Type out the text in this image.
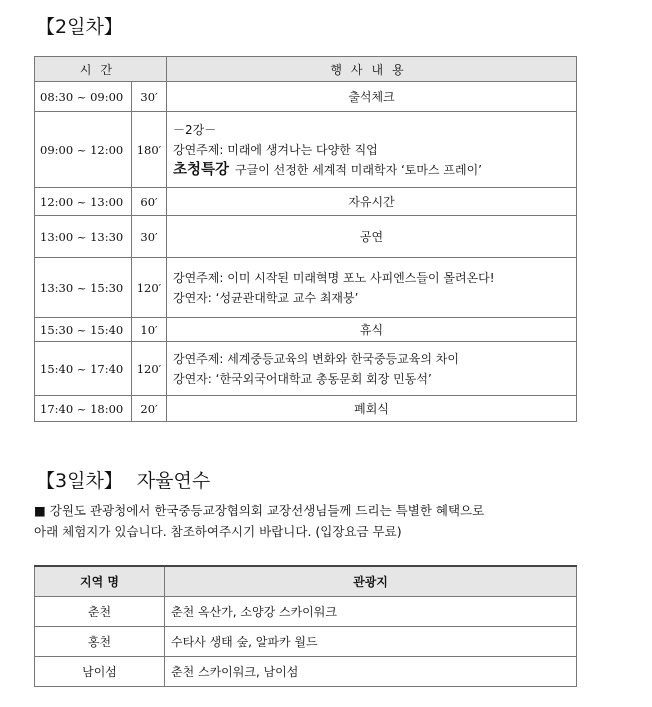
【2일차】
시간		행사내용
08:30 ~ 09:00	30′	출석체크
09:00 ~ 12:00	180′	－2강－
강연주제: 미래에 생겨나는 다양한 직업
초청특강 구글이 선정한 세계적 미래학자 ‘토마스 프레이’

12:00 ~ 13:00	60′	자유시간
13:00 ~ 13:30	30′	공연
13:30 ~ 15:30	120′	강연주제: 이미 시작된 미래혁명 포노 사피엔스들이 몰려온다!
강연자: ‘성균관대학교 교수 최재붕’

15:30 ~ 15:40	10′	휴식
15:40 ~ 17:40	120′	강연주제: 세계중등교육의 변화와 한국중등교육의 차이
강연자: ‘한국외국어대학교 총동문회 회장 민동석’

17:40 ~ 18:00	20′	폐회식
【3일차】 자율연수
■ 강원도 관광청에서 한국중등교장협의회 교장선생님들께 드리는 특별한 혜택으로
아래 체험지가 있습니다. 참조하여주시기 바랍니다. (입장요금 무료)
지역 명	관광지
춘천	춘천 옥산가, 소양강 스카이워크
홍천	수타사 생태 숲, 알파카 월드
남이섬	춘천 스카이워크, 남이섬
